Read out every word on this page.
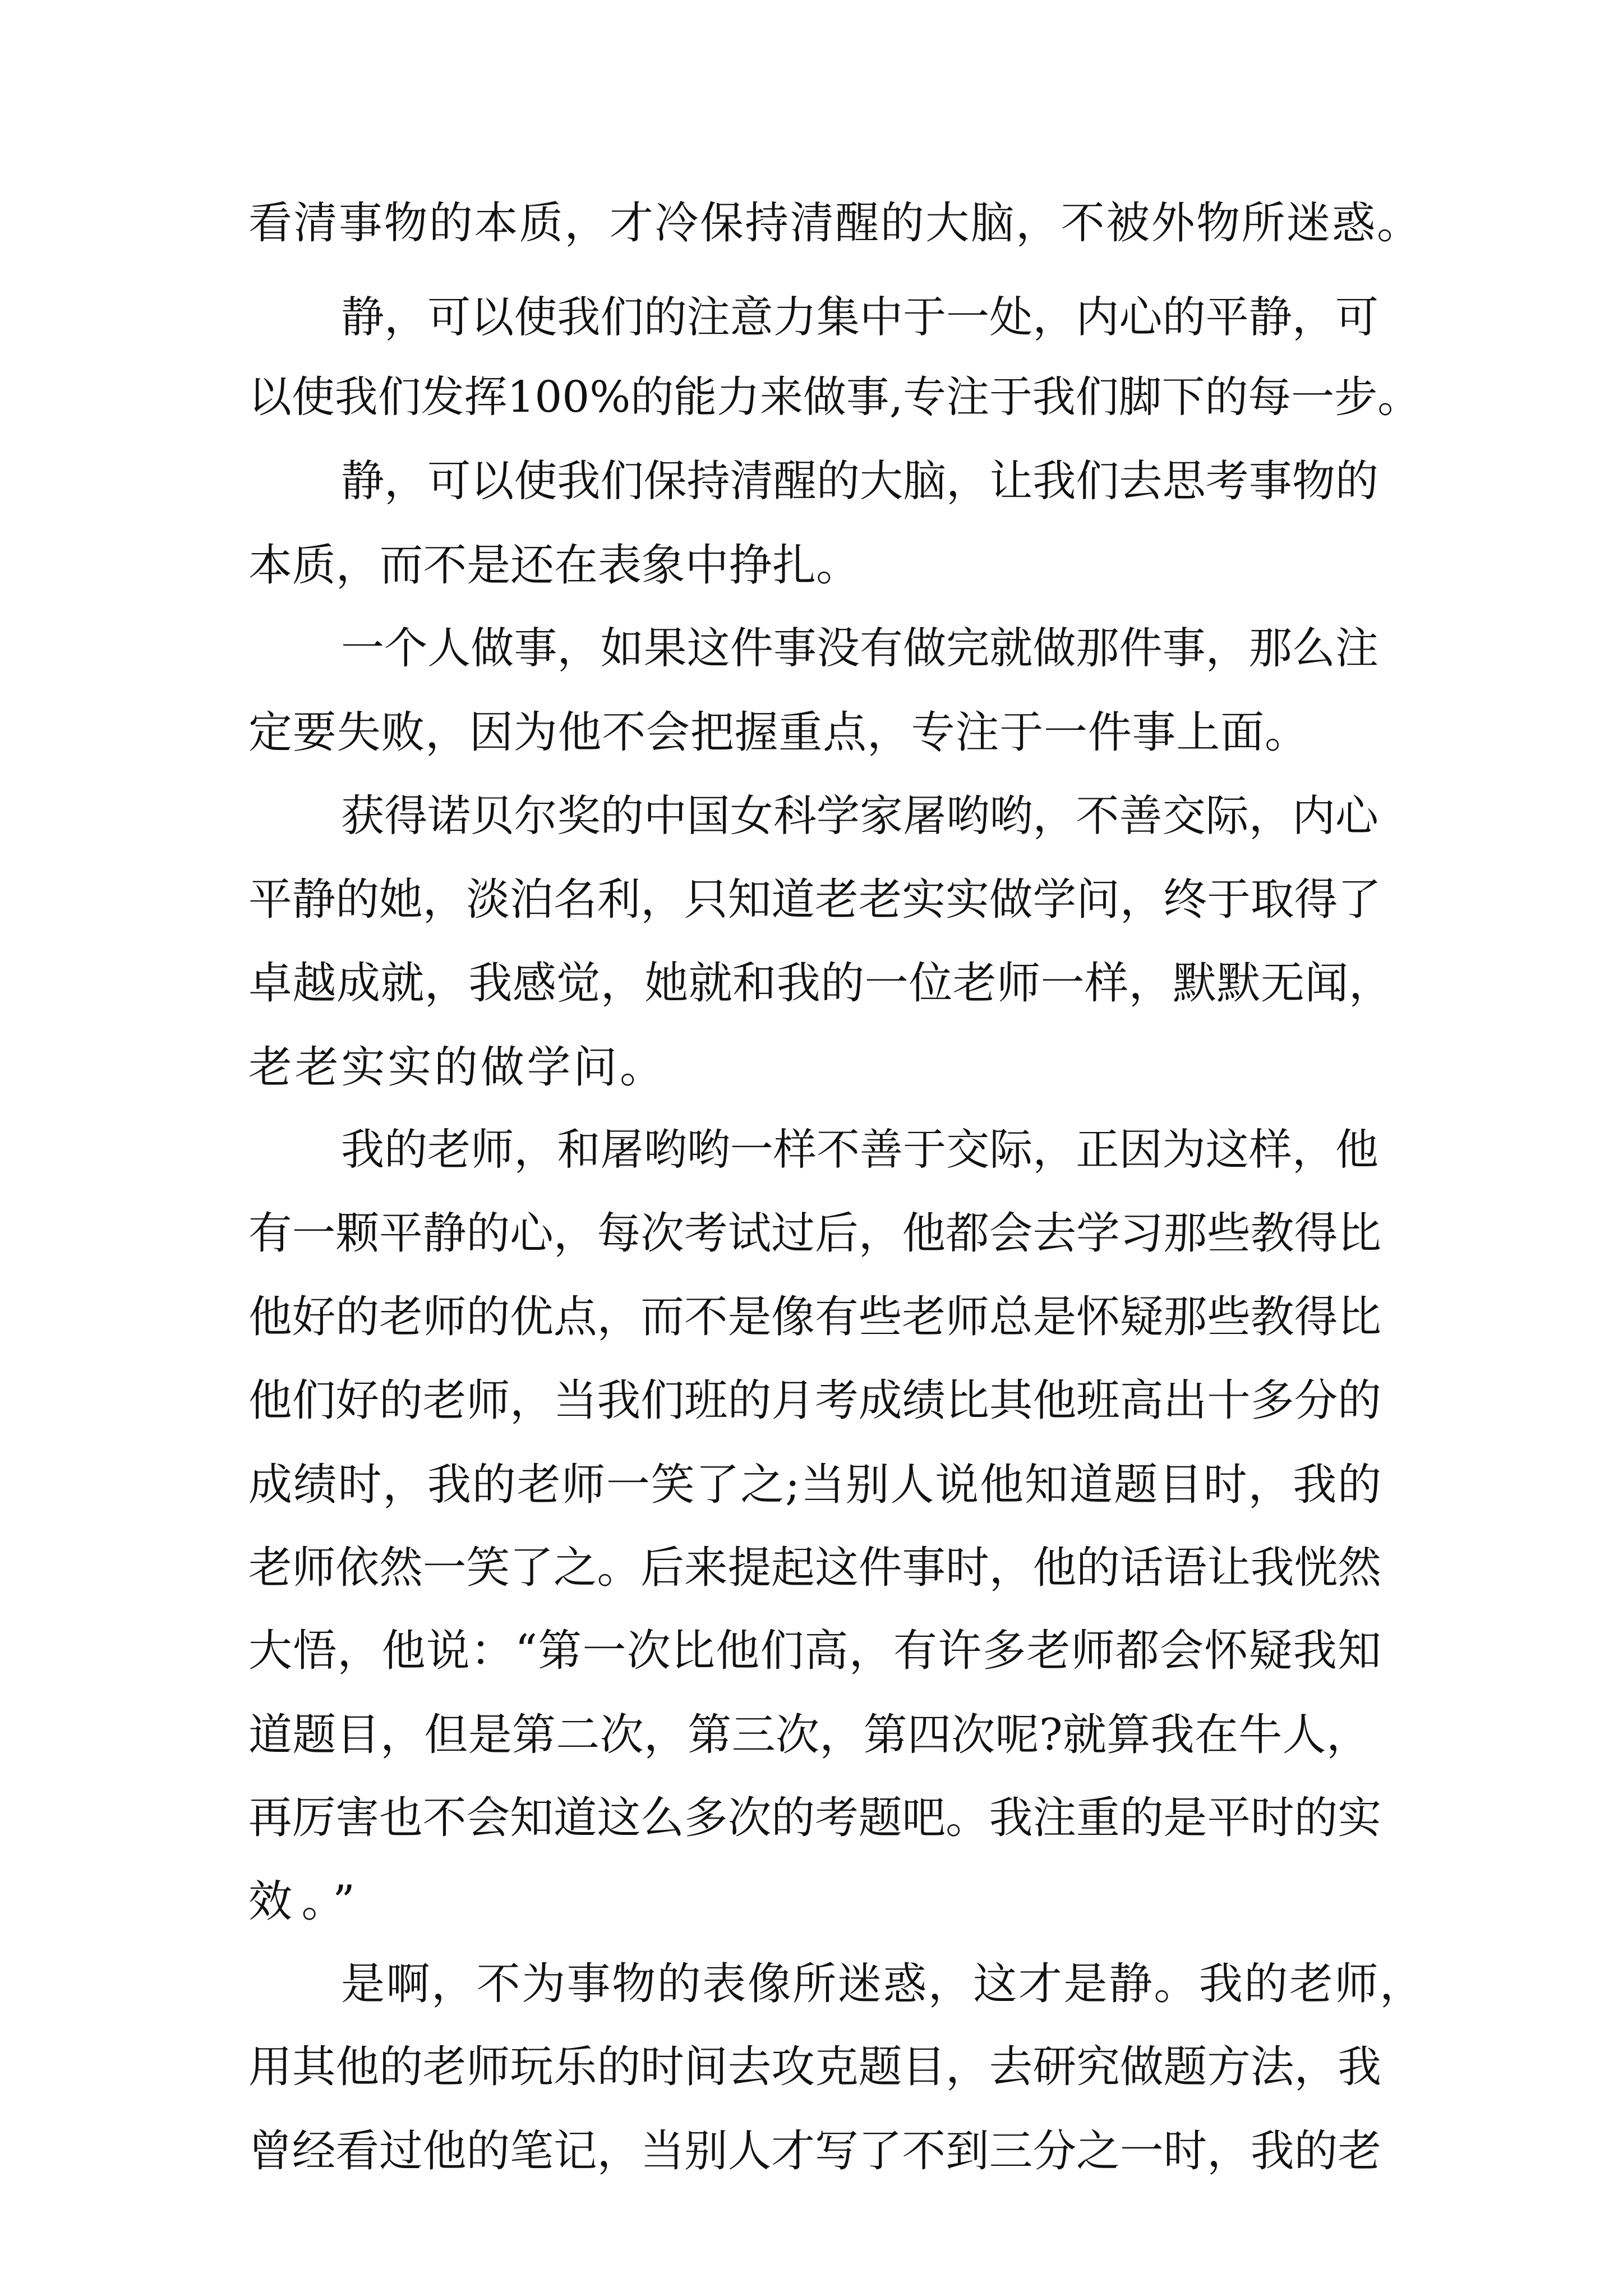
看清事物的本质，才冷保持清醒的大脑，不被外物所迷惑。

静，可以使我们的注意力集中于一处，内心的平静，可

以使我们发挥100%的能力来做事,专注于我们脚下的每一步。

静，可以使我们保持清醒的大脑，让我们去思考事物的

本质，而不是还在表象中挣扎。

一个人做事，如果这件事没有做完就做那件事，那么注

定要失败，因为他不会把握重点，专注于一件事上面。

获得诺贝尔奖的中国女科学家屠哟哟，不善交际，内心

平静的她，淡泊名利，只知道老老实实做学问，终于取得了

卓越成就，我感觉，她就和我的一位老师一样，默默无闻，

老老实实的做学问。

我的老师，和屠哟哟一样不善于交际，正因为这样，他

有一颗平静的心，每次考试过后，他都会去学习那些教得比

他好的老师的优点，而不是像有些老师总是怀疑那些教得比

他们好的老师，当我们班的月考成绩比其他班高出十多分的

成绩时，我的老师一笑了之;当别人说他知道题目时，我的

老师依然一笑了之。后来提起这件事时，他的话语让我恍然

大悟，他说：“第一次比他们高，有许多老师都会怀疑我知

道题目，但是第二次，第三次，第四次呢?就算我在牛人，

再厉害也不会知道这么多次的考题吧。我注重的是平时的实

效。”

是啊，不为事物的表像所迷惑，这才是静。我的老师，

用其他的老师玩乐的时间去攻克题目，去研究做题方法，我

曾经看过他的笔记，当别人才写了不到三分之一时，我的老
